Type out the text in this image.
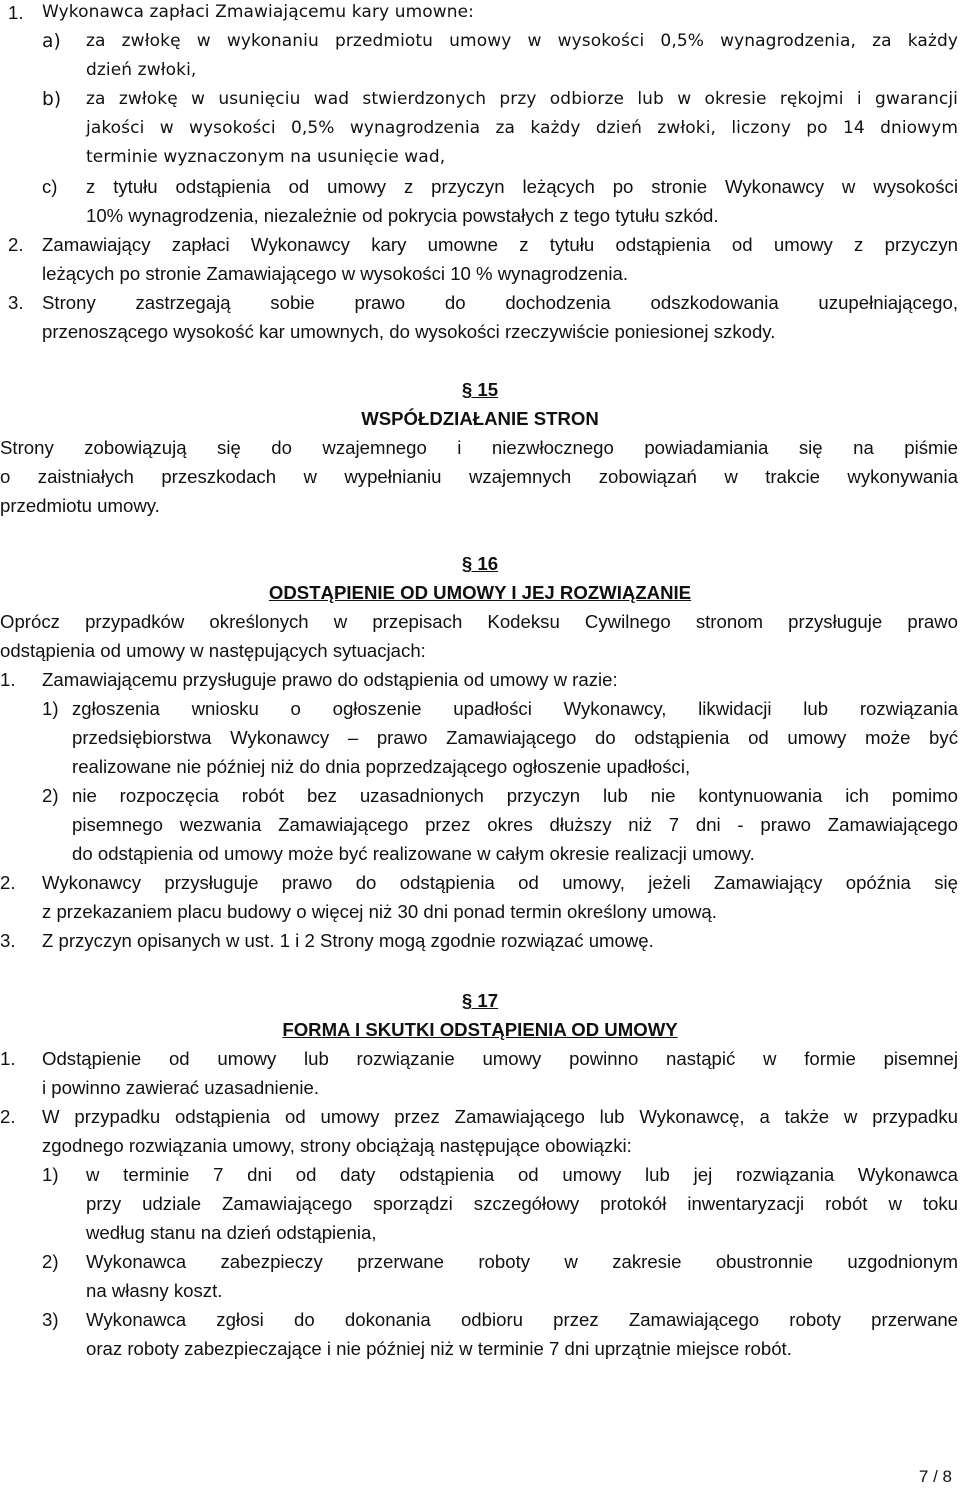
1. Wykonawca zapłaci Zmawiającemu kary umowne:
a) za zwłokę w wykonaniu przedmiotu umowy w wysokości 0,5% wynagrodzenia, za każdy
dzień zwłoki,
b) za zwłokę w usunięciu wad stwierdzonych przy odbiorze lub w okresie rękojmi i gwarancji
jakości w wysokości 0,5% wynagrodzenia za każdy dzień zwłoki, liczony po 14 dniowym
terminie wyznaczonym na usunięcie wad,
c) z tytułu odstąpienia od umowy z przyczyn leżących po stronie Wykonawcy w wysokości
10% wynagrodzenia, niezależnie od pokrycia powstałych z tego tytułu szkód.
2. Zamawiający zapłaci Wykonawcy kary umowne z tytułu odstąpienia od umowy z przyczyn
leżących po stronie Zamawiającego w wysokości 10 % wynagrodzenia.
3. Strony zastrzegają sobie prawo do dochodzenia odszkodowania uzupełniającego,
przenoszącego wysokość kar umownych, do wysokości rzeczywiście poniesionej szkody.
§ 15
WSPÓŁDZIAŁANIE STRON
Strony zobowiązują się do wzajemnego i niezwłocznego powiadamiania się na piśmie
o zaistniałych przeszkodach w wypełnianiu wzajemnych zobowiązań w trakcie wykonywania
przedmiotu umowy.
§ 16
ODSTĄPIENIE OD UMOWY I JEJ ROZWIĄZANIE
Oprócz przypadków określonych w przepisach Kodeksu Cywilnego stronom przysługuje prawo
odstąpienia od umowy w następujących sytuacjach:
1. Zamawiającemu przysługuje prawo do odstąpienia od umowy w razie:
1) zgłoszenia wniosku o ogłoszenie upadłości Wykonawcy, likwidacji lub rozwiązania
przedsiębiorstwa Wykonawcy – prawo Zamawiającego do odstąpienia od umowy może być
realizowane nie później niż do dnia poprzedzającego ogłoszenie upadłości,
2) nie rozpoczęcia robót bez uzasadnionych przyczyn lub nie kontynuowania ich pomimo
pisemnego wezwania Zamawiającego przez okres dłuższy niż 7 dni - prawo Zamawiającego
do odstąpienia od umowy może być realizowane w całym okresie realizacji umowy.
2. Wykonawcy przysługuje prawo do odstąpienia od umowy, jeżeli Zamawiający opóźnia się
z przekazaniem placu budowy o więcej niż 30 dni ponad termin określony umową.
3. Z przyczyn opisanych w ust. 1 i 2 Strony mogą zgodnie rozwiązać umowę.
§ 17
FORMA I SKUTKI ODSTĄPIENIA OD UMOWY
1. Odstąpienie od umowy lub rozwiązanie umowy powinno nastąpić w formie pisemnej
i powinno zawierać uzasadnienie.
2. W przypadku odstąpienia od umowy przez Zamawiającego lub Wykonawcę, a także w przypadku
zgodnego rozwiązania umowy, strony obciążają następujące obowiązki:
1) w terminie 7 dni od daty odstąpienia od umowy lub jej rozwiązania Wykonawca
przy udziale Zamawiającego sporządzi szczegółowy protokół inwentaryzacji robót w toku
według stanu na dzień odstąpienia,
2) Wykonawca zabezpieczy przerwane roboty w zakresie obustronnie uzgodnionym
na własny koszt.
3) Wykonawca zgłosi do dokonania odbioru przez Zamawiającego roboty przerwane
oraz roboty zabezpieczające i nie później niż w terminie 7 dni uprzątnie miejsce robót.
7 / 8
